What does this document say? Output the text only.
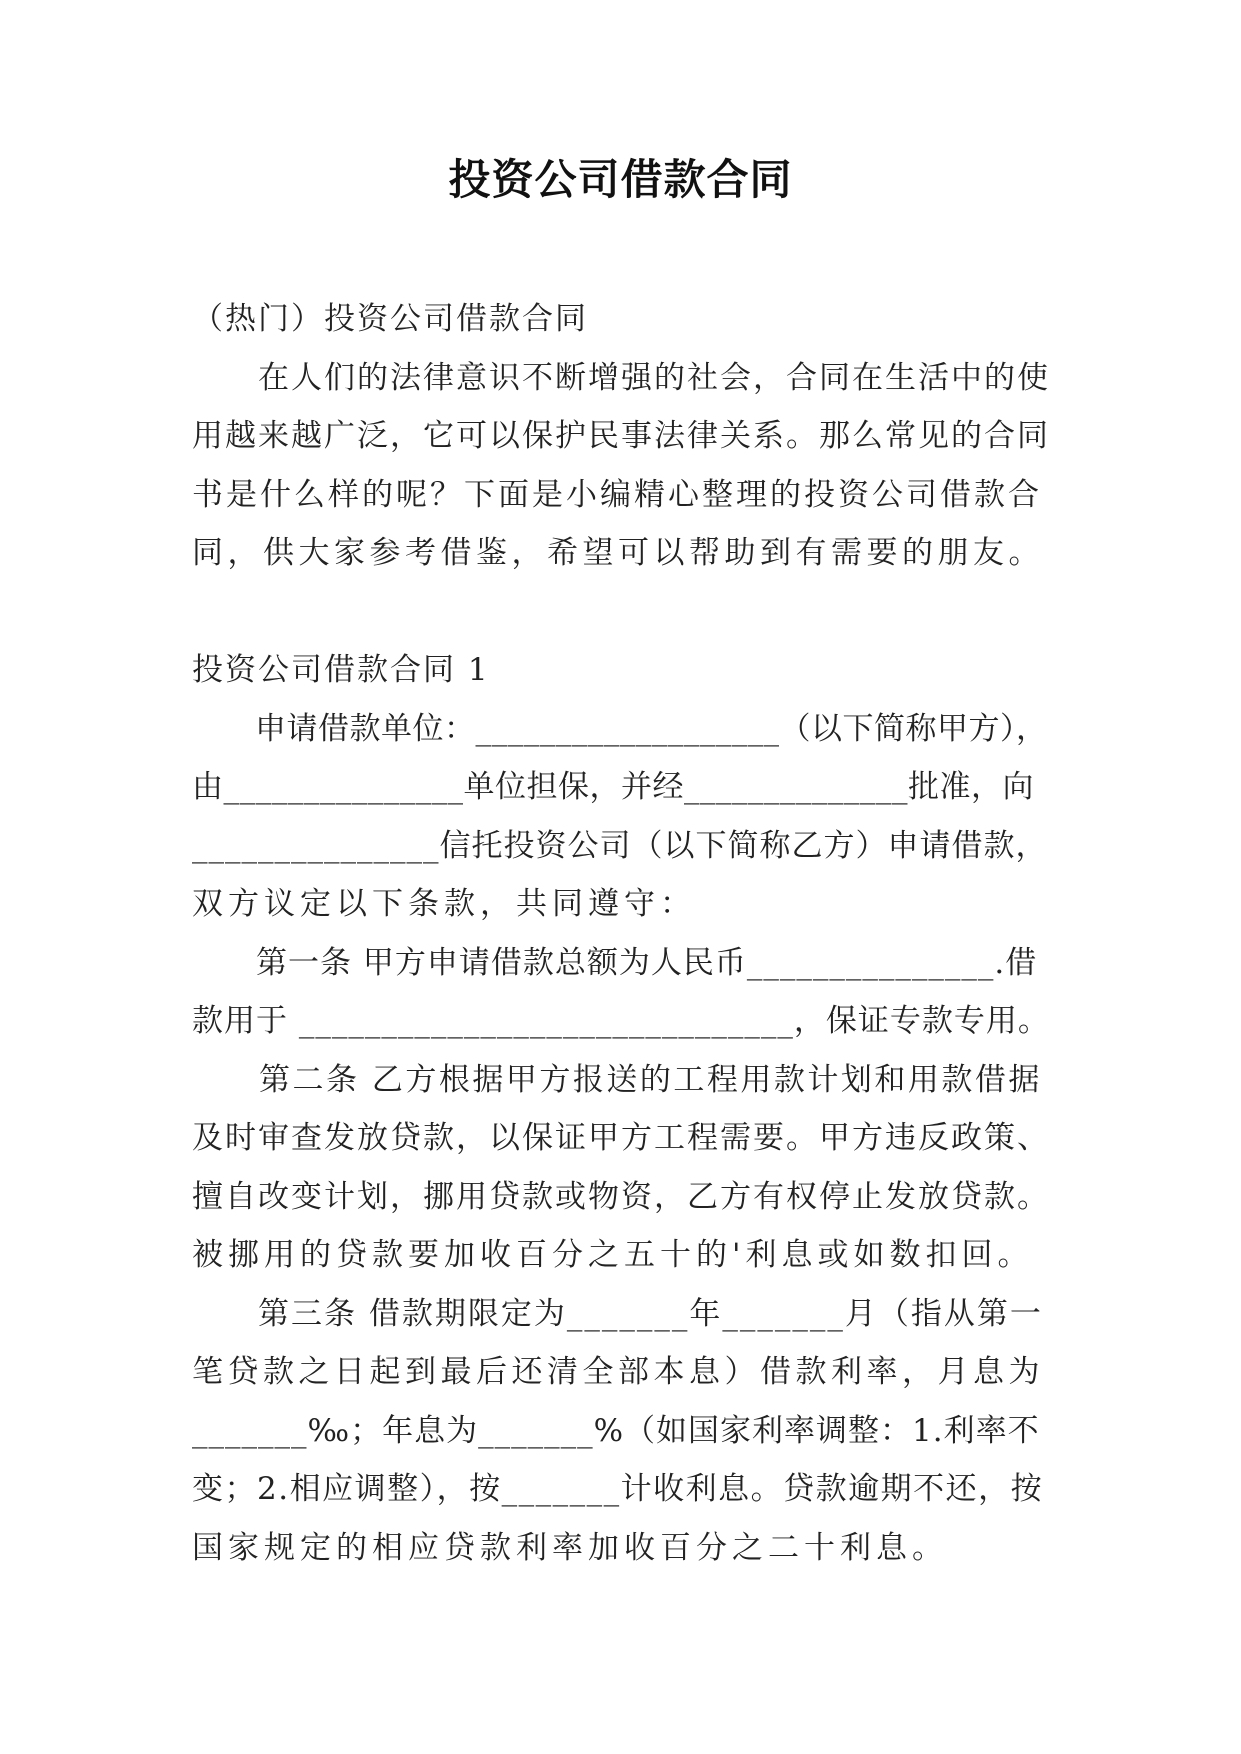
投资公司借款合同
（热门）投资公司借款合同
　　在人们的法律意识不断增强的社会，合同在生活中的使
用越来越广泛，它可以保护民事法律关系。那么常见的合同
书是什么样的呢？下面是小编精心整理的投资公司借款合
同，供大家参考借鉴，希望可以帮助到有需要的朋友。
投资公司借款合同 1
　　申请借款单位：___________________（以下简称甲方），
由_______________单位担保，并经______________批准，向
_______________信托投资公司（以下简称乙方）申请借款，
双方议定以下条款，共同遵守：
　　第一条 甲方申请借款总额为人民币_______________.借
款用于 ______________________________，保证专款专用。
　　第二条 乙方根据甲方报送的工程用款计划和用款借据
及时审查发放贷款，以保证甲方工程需要。甲方违反政策、
擅自改变计划，挪用贷款或物资，乙方有权停止发放贷款。
被挪用的贷款要加收百分之五十的'利息或如数扣回。
　　第三条 借款期限定为_______年_______月（指从第一
笔贷款之日起到最后还清全部本息）借款利率，月息为
_______‰；年息为_______%（如国家利率调整：1.利率不
变；2.相应调整），按_______计收利息。贷款逾期不还，按
国家规定的相应贷款利率加收百分之二十利息。
